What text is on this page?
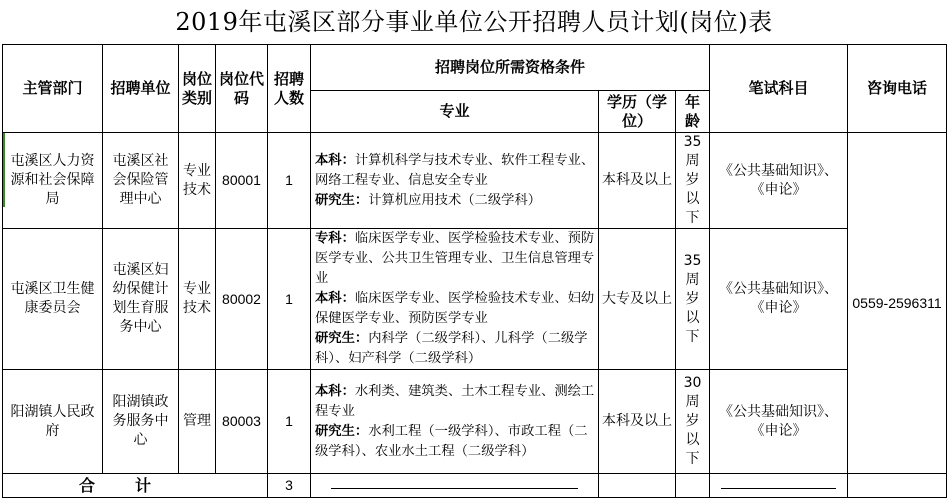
2019年屯溪区部分事业单位公开招聘人员计划(岗位)表
主管部门	招聘单位	岗位类别	岗位代码	招聘人数	招聘岗位所需资格条件			笔试科目	咨询电话
					专业	学历（学位）	年龄		
屯溪区人力资源和社会保障局	屯溪区社会保险管理中心	专业技术	80001	1	本科：计算机科学与技术专业、软件工程专业、网络工程专业、信息安全专业
研究生：计算机应用技术（二级学科）	本科及以上	35周岁以下	《公共基础知识》、《申论》	0559-2596311
屯溪区卫生健康委员会	屯溪区妇幼保健计划生育服务中心	专业技术	80002	1	专科：临床医学专业、医学检验技术专业、预防医学专业、公共卫生管理专业、卫生信息管理专业
本科：临床医学专业、医学检验技术专业、妇幼保健医学专业、预防医学专业
研究生：内科学（二级学科）、儿科学（二级学科）、妇产科学（二级学科）	大专及以上	35周岁以下	《公共基础知识》、《申论》	
阳湖镇人民政府	阳湖镇政务服务中心	管理	80003	1	本科：水利类、建筑类、土木工程专业、测绘工程专业
研究生：水利工程（一级学科）、市政工程（二级学科）、农业水土工程（二级学科）	本科及以上	30周岁以下	《公共基础知识》、《申论》	
合计				3					
